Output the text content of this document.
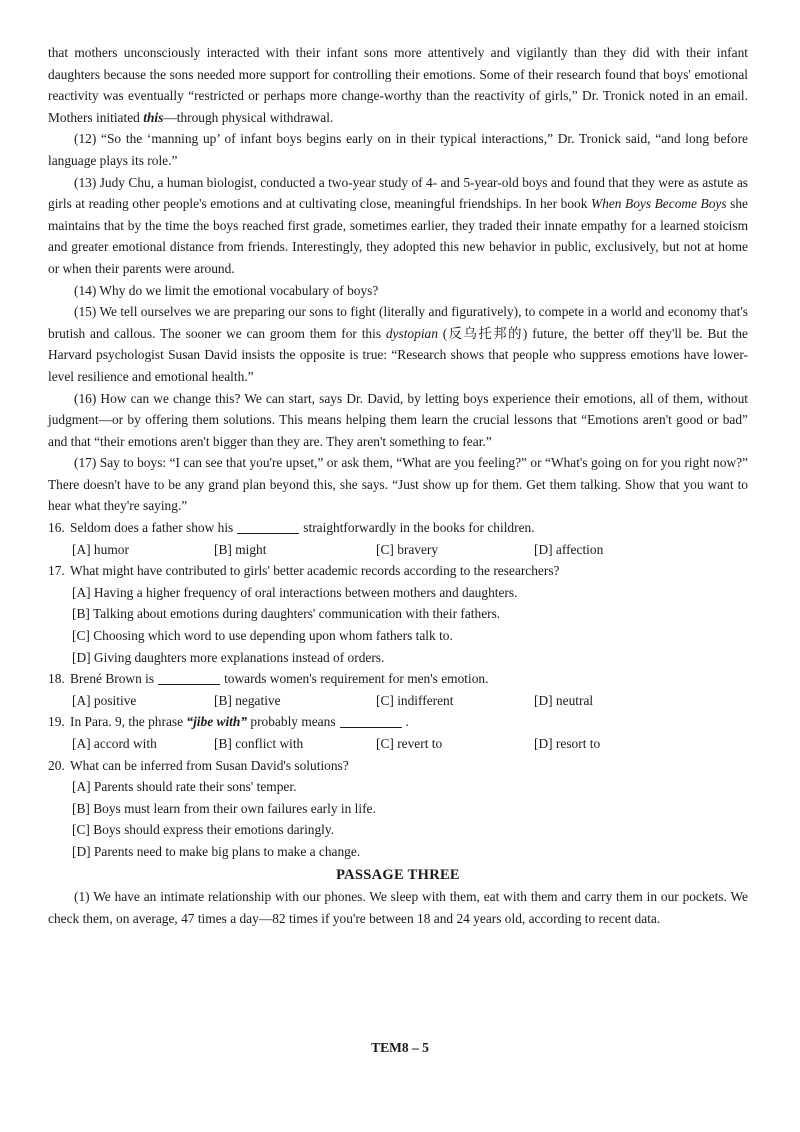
that mothers unconsciously interacted with their infant sons more attentively and vigilantly than they did with their infant daughters because the sons needed more support for controlling their emotions. Some of their research found that boys' emotional reactivity was eventually “restricted or perhaps more change-worthy than the reactivity of girls,” Dr. Tronick noted in an email. Mothers initiated this—through physical withdrawal.

(12) “So the ‘manning up’ of infant boys begins early on in their typical interactions,” Dr. Tronick said, “and long before language plays its role.”

(13) Judy Chu, a human biologist, conducted a two-year study of 4- and 5-year-old boys and found that they were as astute as girls at reading other people's emotions and at cultivating close, meaningful friendships. In her book When Boys Become Boys she maintains that by the time the boys reached first grade, sometimes earlier, they traded their innate empathy for a learned stoicism and greater emotional distance from friends. Interestingly, they adopted this new behavior in public, exclusively, but not at home or when their parents were around.

(14) Why do we limit the emotional vocabulary of boys?

(15) We tell ourselves we are preparing our sons to fight (literally and figuratively), to compete in a world and economy that's brutish and callous. The sooner we can groom them for this dystopian (反乌托邦的) future, the better off they'll be. But the Harvard psychologist Susan David insists the opposite is true: “Research shows that people who suppress emotions have lower-level resilience and emotional health.”

(16) How can we change this? We can start, says Dr. David, by letting boys experience their emotions, all of them, without judgment—or by offering them solutions. This means helping them learn the crucial lessons that “Emotions aren't good or bad” and that “their emotions aren't bigger than they are. They aren't something to fear.”

(17) Say to boys: “I can see that you're upset,” or ask them, “What are you feeling?” or “What's going on for you right now?” There doesn't have to be any grand plan beyond this, she says. “Just show up for them. Get them talking. Show that you want to hear what they're saying.”

16. Seldom does a father show his	straightforwardly in the books for children.
[A] humor	[B] might	[C] bravery	[D] affection
17. What might have contributed to girls' better academic records according to the researchers?
[A] Having a higher frequency of oral interactions between mothers and daughters.
[B] Talking about emotions during daughters' communication with their fathers.
[C] Choosing which word to use depending upon whom fathers talk to.
[D] Giving daughters more explanations instead of orders.
18. Brené Brown is	towards women's requirement for men's emotion.
[A] positive	[B] negative	[C] indifferent	[D] neutral
19. In Para. 9, the phrase “jibe with” probably means	.
[A] accord with	[B] conflict with	[C] revert to	[D] resort to
20. What can be inferred from Susan David's solutions?
[A] Parents should rate their sons' temper.
[B] Boys must learn from their own failures early in life.
[C] Boys should express their emotions daringly.
[D] Parents need to make big plans to make a change.
PASSAGE THREE

(1) We have an intimate relationship with our phones. We sleep with them, eat with them and carry them in our pockets. We check them, on average, 47 times a day—82 times if you're between 18 and 24 years old, according to recent data.

TEM8 – 5
